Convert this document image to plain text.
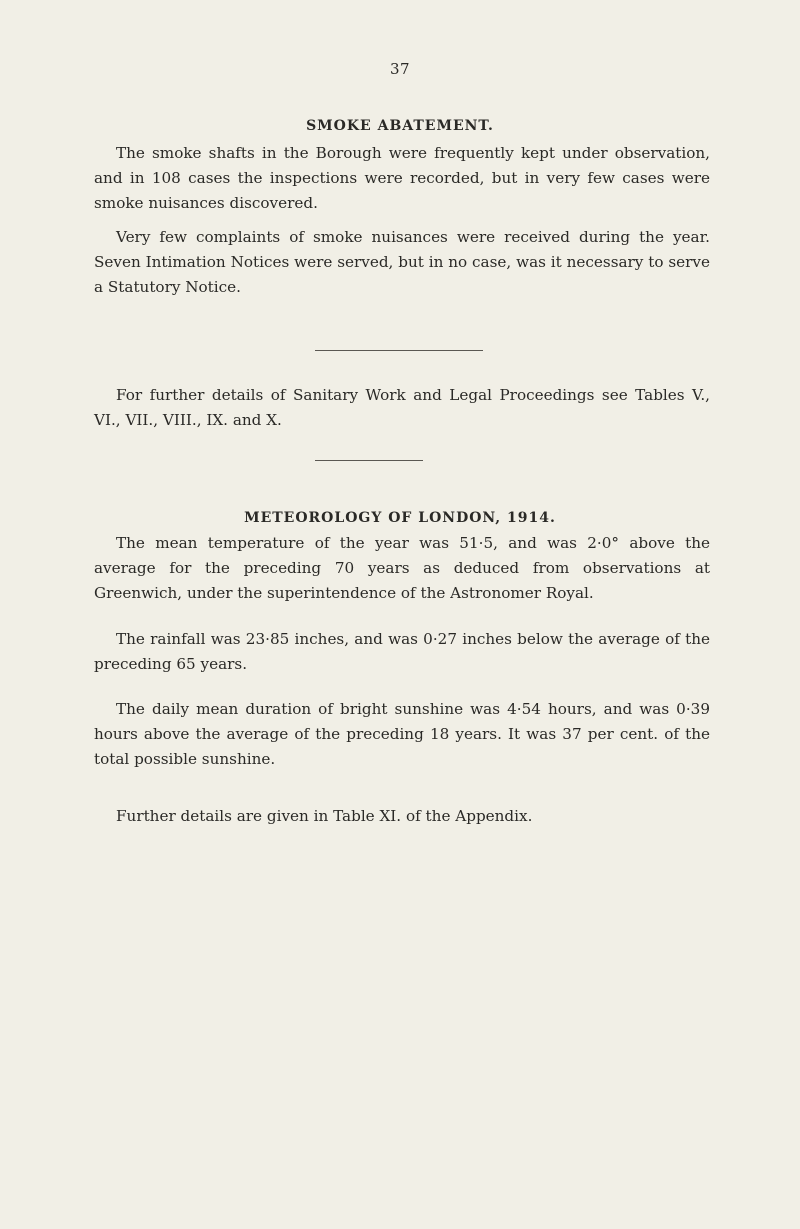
37
SMOKE ABATEMENT.

The smoke shafts in the Borough were frequently kept under observation, and in 108 cases the inspections were recorded, but in very few cases were smoke nuisances discovered.

Very few complaints of smoke nuisances were received during the year. Seven Intimation Notices were served, but in no case, was it necessary to serve a Statutory Notice.

For further details of Sanitary Work and Legal Proceedings see Tables V., VI., VII., VIII., IX. and X.

METEOROLOGY OF LONDON, 1914.

The mean temperature of the year was 51·5, and was 2·0° above the average for the preceding 70 years as deduced from observations at Greenwich, under the superintendence of the Astronomer Royal.

The rainfall was 23·85 inches, and was 0·27 inches below the average of the preceding 65 years.

The daily mean duration of bright sunshine was 4·54 hours, and was 0·39 hours above the average of the preceding 18 years. It was 37 per cent. of the total possible sunshine.

Further details are given in Table XI. of the Appendix.
